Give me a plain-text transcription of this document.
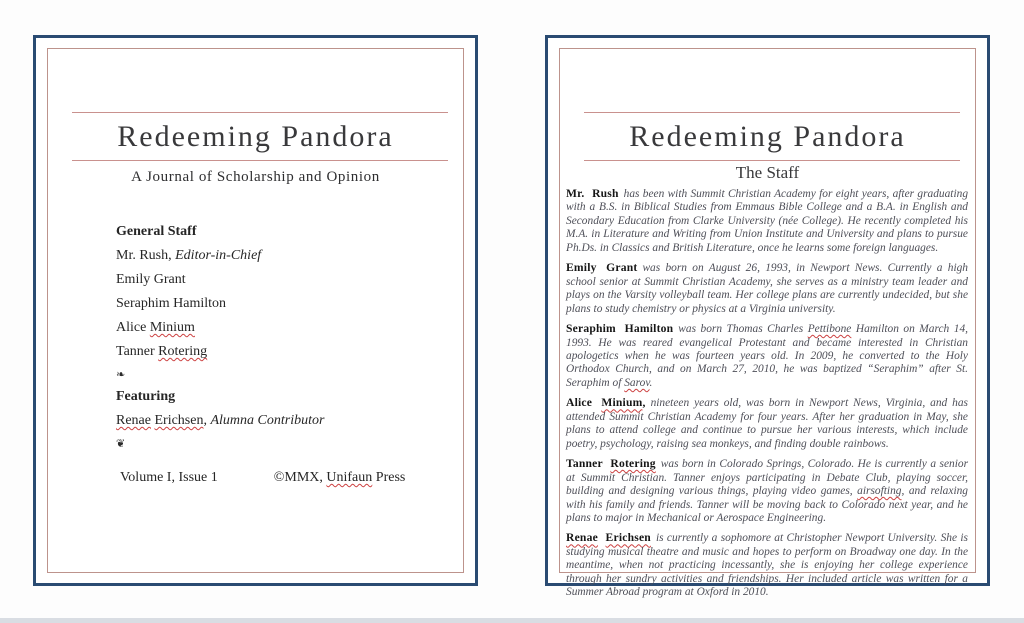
Redeeming Pandora
A Journal of Scholarship and Opinion
General Staff
Mr. Rush, Editor-in-Chief
Emily Grant
Seraphim Hamilton
Alice Minium
Tanner Rotering
❧
Featuring
Renae Erichsen, Alumna Contributor
❦
Volume I, Issue 1	©MMX, Unifaun Press
Redeeming Pandora
The Staff

Mr. Rush has been with Summit Christian Academy for eight years, after graduating with a B.S. in Biblical Studies from Emmaus Bible College and a B.A. in English and Secondary Education from Clarke University (née College). He recently completed his M.A. in Literature and Writing from Union Institute and University and plans to pursue Ph.Ds. in Classics and British Literature, once he learns some foreign languages.

Emily Grant was born on August 26, 1993, in Newport News. Currently a high school senior at Summit Christian Academy, she serves as a ministry team leader and plays on the Varsity volleyball team. Her college plans are currently undecided, but she plans to study chemistry or physics at a Virginia university.

Seraphim Hamilton was born Thomas Charles Pettibone Hamilton on March 14, 1993. He was reared evangelical Protestant and became interested in Christian apologetics when he was fourteen years old. In 2009, he converted to the Holy Orthodox Church, and on March 27, 2010, he was baptized “Seraphim” after St. Seraphim of Sarov.

Alice Minium, nineteen years old, was born in Newport News, Virginia, and has attended Summit Christian Academy for four years. After her graduation in May, she plans to attend college and continue to pursue her various interests, which include poetry, psychology, raising sea monkeys, and finding double rainbows.

Tanner Rotering was born in Colorado Springs, Colorado. He is currently a senior at Summit Christian. Tanner enjoys participating in Debate Club, playing soccer, building and designing various things, playing video games, airsofting, and relaxing with his family and friends. Tanner will be moving back to Colorado next year, and he plans to major in Mechanical or Aerospace Engineering.

Renae Erichsen is currently a sophomore at Christopher Newport University. She is studying musical theatre and music and hopes to perform on Broadway one day. In the meantime, when not practicing incessantly, she is enjoying her college experience through her sundry activities and friendships. Her included article was written for a Summer Abroad program at Oxford in 2010.
